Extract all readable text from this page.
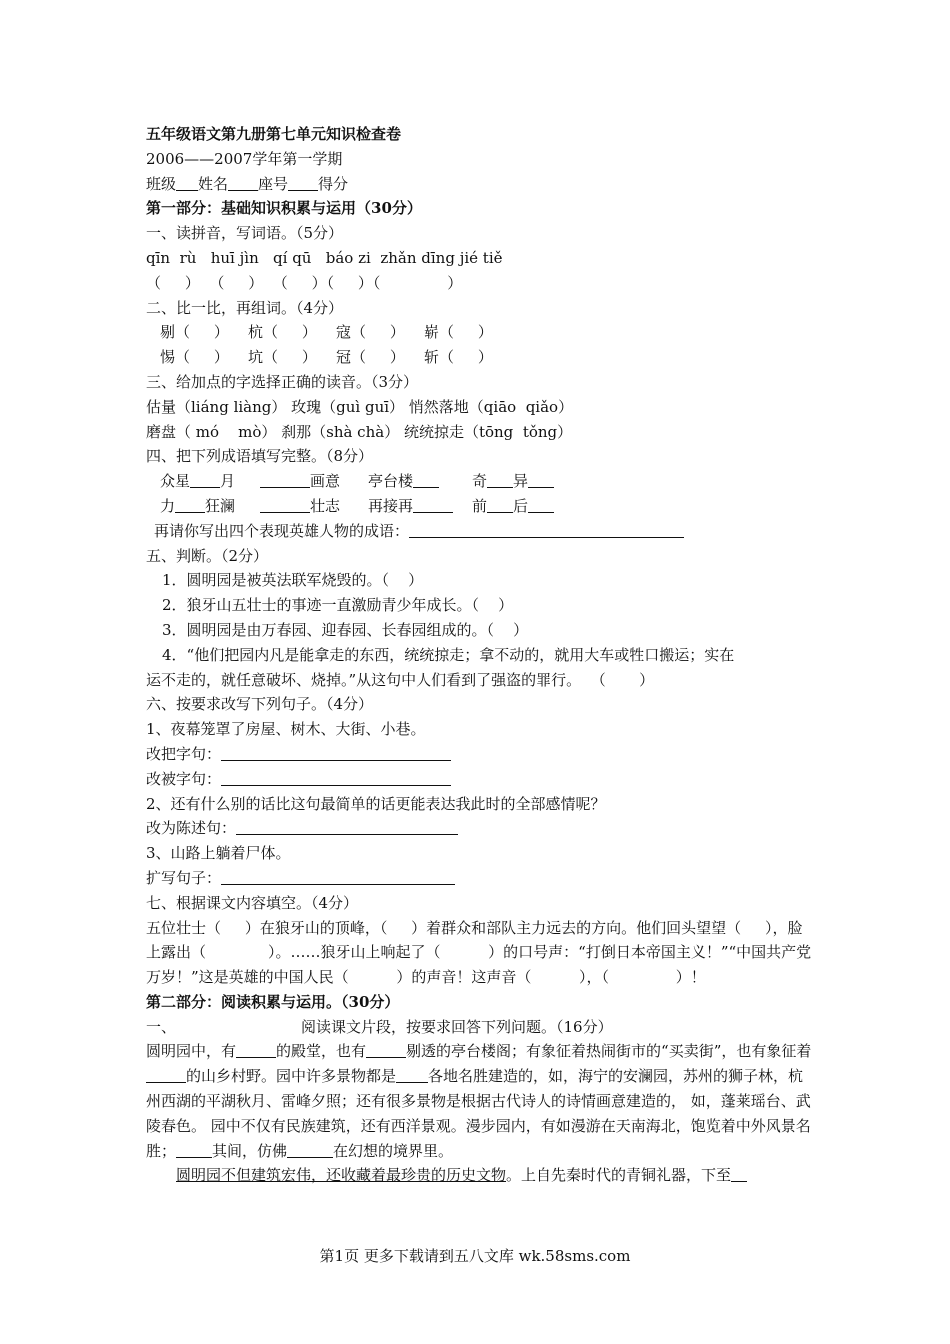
五年级语文第九册第七单元知识检查卷
2006——2007学年第一学期
班级 姓名 座号 得分
第一部分：基础知识积累与运用（30分）
一、读拼音，写词语。（5分）
qīn  rù   huī jìn   qí qū   báo zi  zhǎn dīng jié tiě
（     ）  （     ）  （     ）（     ）（              ）
二、比一比，再组词。（4分）
剔（     ） 杭（     ） 寇（     ） 崭（     ）
惕（     ） 坑（     ） 冠（     ） 斩（     ）
三、给加点的字选择正确的读音。（3分）
估量（liáng liàng） 玫瑰（guì guī） 悄然落地（qiāo  qiǎo）
磨盘（ mó    mò） 刹那（shà chà） 统统掠走（tōng  tǒng）
四、把下列成语填写完整。（8分）
众星 月	画意 亭台楼	奇 异
力 狂澜	壮志 再接再	前 后
再请你写出四个表现英雄人物的成语：
五、判断。（2分）
1．圆明园是被英法联军烧毁的。（    ）
2．狼牙山五壮士的事迹一直激励青少年成长。（    ）
3．圆明园是由万春园、迎春园、长春园组成的。（    ）
4．“他们把园内凡是能拿走的东西，统统掠走；拿不动的，就用大车或牲口搬运；实在
运不走的，就任意破坏、烧掉。”从这句中人们看到了强盗的罪行。  （       ）
六、按要求改写下列句子。（4分）
1、夜幕笼罩了房屋、树木、大街、小巷。
改把字句：
改被字句：
2、还有什么别的话比这句最简单的话更能表达我此时的全部感情呢？
改为陈述句：
3、山路上躺着尸体。
扩写句子：
七、根据课文内容填空。（4分）
五位壮士（     ）在狼牙山的顶峰，（     ）着群众和部队主力远去的方向。他们回头望望（     ），脸上露出（             ）。……狼牙山上响起了（          ）的口号声：“打倒日本帝国主义！”“中国共产党万岁！”这是英雄的中国人民（          ）的声音！这声音（          ），（              ）！
第二部分：阅读积累与运用。（30分）
一、	阅读课文片段，按要求回答下列问题。（16分）
圆明园中，有	的殿堂，也有	剔透的亭台楼阁；有象征着热闹街市的“买卖街”，也有象征着的山乡村野。园中许多景物都是 各地名胜建造的，如，海宁的安澜园，苏州的狮子林，杭州西湖的平湖秋月、雷峰夕照；还有很多景物是根据古代诗人的诗情画意建造的， 如，蓬莱瑶台、武陵春色。 园中不仅有民族建筑，还有西洋景观。漫步园内，有如漫游在天南海北，饱览着中外风景名胜； 其间，仿佛	在幻想的境界里。
圆明园不但建筑宏伟，还收藏着最珍贵的历史文物。上自先秦时代的青铜礼器，下至
第1页 更多下载请到五八文库 wk.58sms.com
